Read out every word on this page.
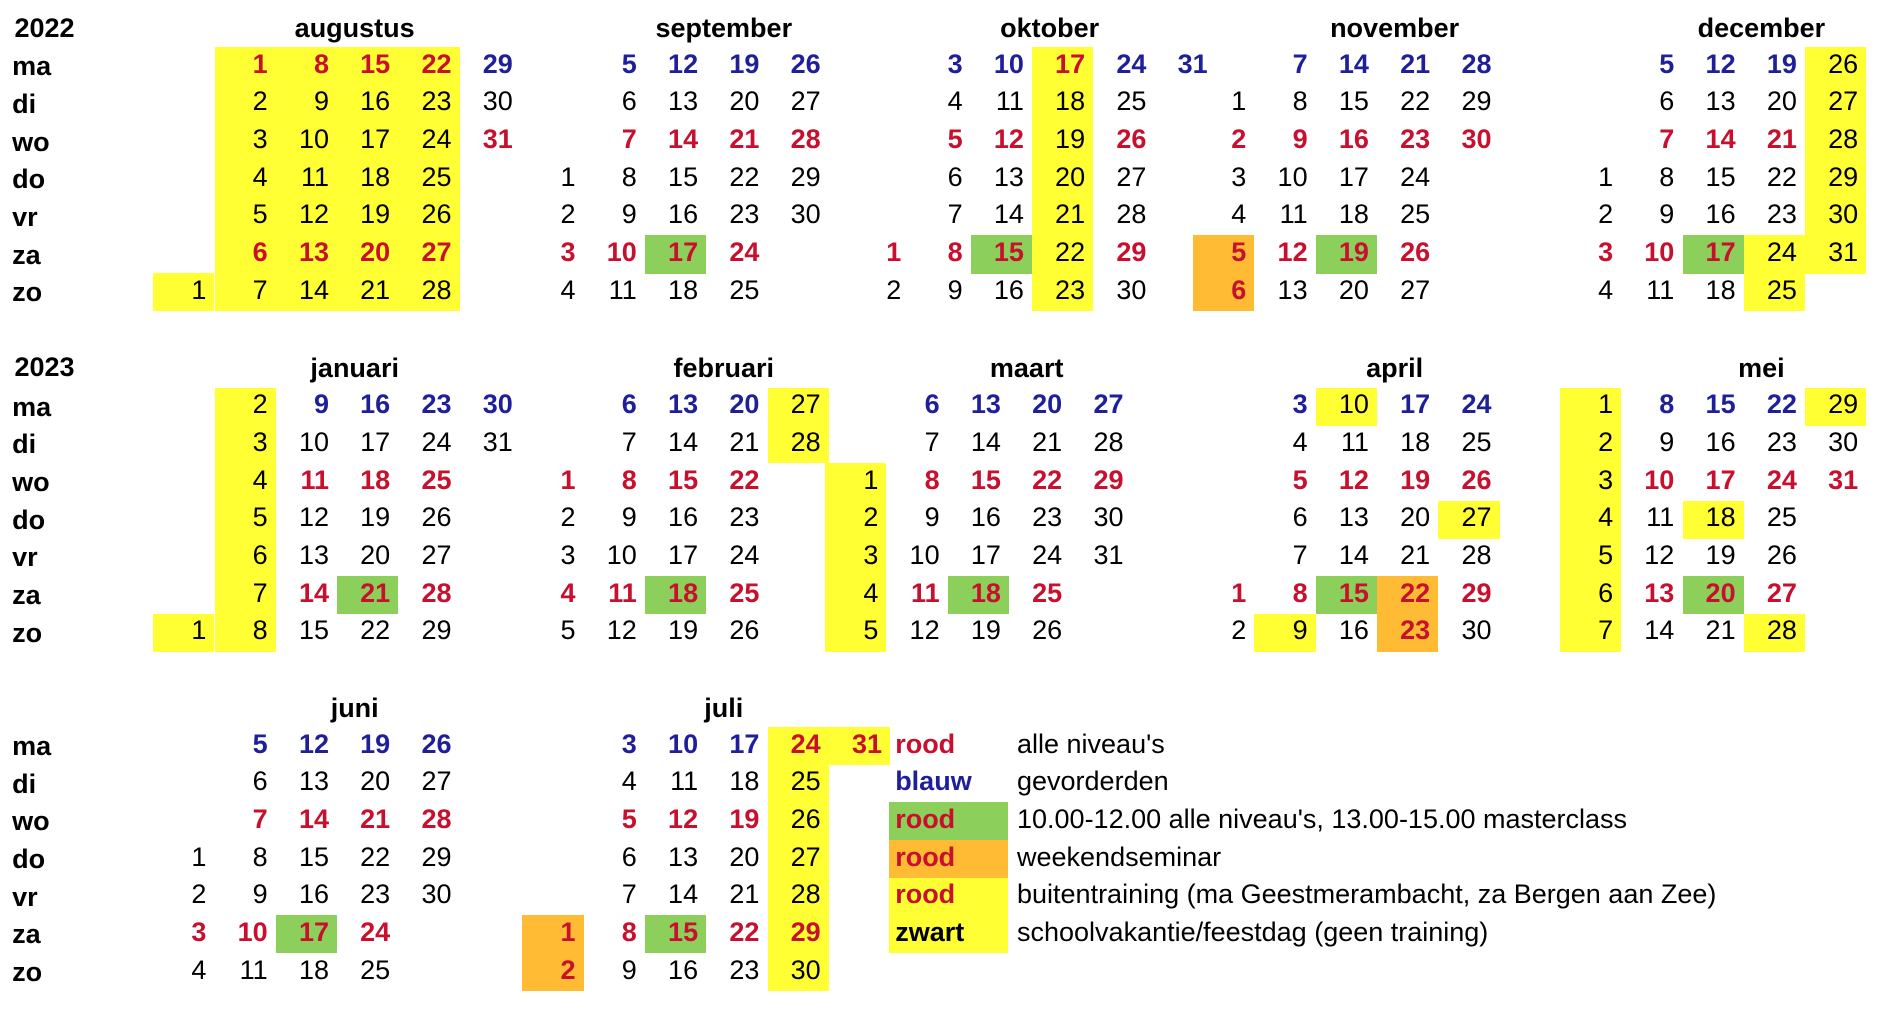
2022
2023
ma
di
wo
do
vr
za
zo
ma
di
wo
do
vr
za
zo
ma
di
wo
do
vr
za
zo
augustus
1
1
2
3
4
5
6
7
8
9
10
11
12
13
14
15
16
17
18
19
20
21
22
23
24
25
26
27
28
29
30
31
september
1
2
3
4
5
6
7
8
9
10
11
12
13
14
15
16
17
18
19
20
21
22
23
24
25
26
27
28
29
30
oktober
1
2
3
4
5
6
7
8
9
10
11
12
13
14
15
16
17
18
19
20
21
22
23
24
25
26
27
28
29
30
31
november
1
2
3
4
5
6
7
8
9
10
11
12
13
14
15
16
17
18
19
20
21
22
23
24
25
26
27
28
29
30
december
1
2
3
4
5
6
7
8
9
10
11
12
13
14
15
16
17
18
19
20
21
22
23
24
25
26
27
28
29
30
31
januari
1
2
3
4
5
6
7
8
9
10
11
12
13
14
15
16
17
18
19
20
21
22
23
24
25
26
27
28
29
30
31
februari
1
2
3
4
5
6
7
8
9
10
11
12
13
14
15
16
17
18
19
20
21
22
23
24
25
26
27
28
maart
1
2
3
4
5
6
7
8
9
10
11
12
13
14
15
16
17
18
19
20
21
22
23
24
25
26
27
28
29
30
31
april
1
2
3
4
5
6
7
8
9
10
11
12
13
14
15
16
17
18
19
20
21
22
23
24
25
26
27
28
29
30
mei
1
2
3
4
5
6
7
8
9
10
11
12
13
14
15
16
17
18
19
20
21
22
23
24
25
26
27
28
29
30
31
juni
1
2
3
4
5
6
7
8
9
10
11
12
13
14
15
16
17
18
19
20
21
22
23
24
25
26
27
28
29
30
juli
1
2
3
4
5
6
7
8
9
10
11
12
13
14
15
16
17
18
19
20
21
22
23
24
25
26
27
28
29
30
31 rood alle niveau's
blauw gevorderden
rood 10.00-12.00 alle niveau's, 13.00-15.00 masterclass
rood weekendseminar
rood buitentraining (ma Geestmerambacht, za Bergen aan Zee)
zwart schoolvakantie/feestdag (geen training)
